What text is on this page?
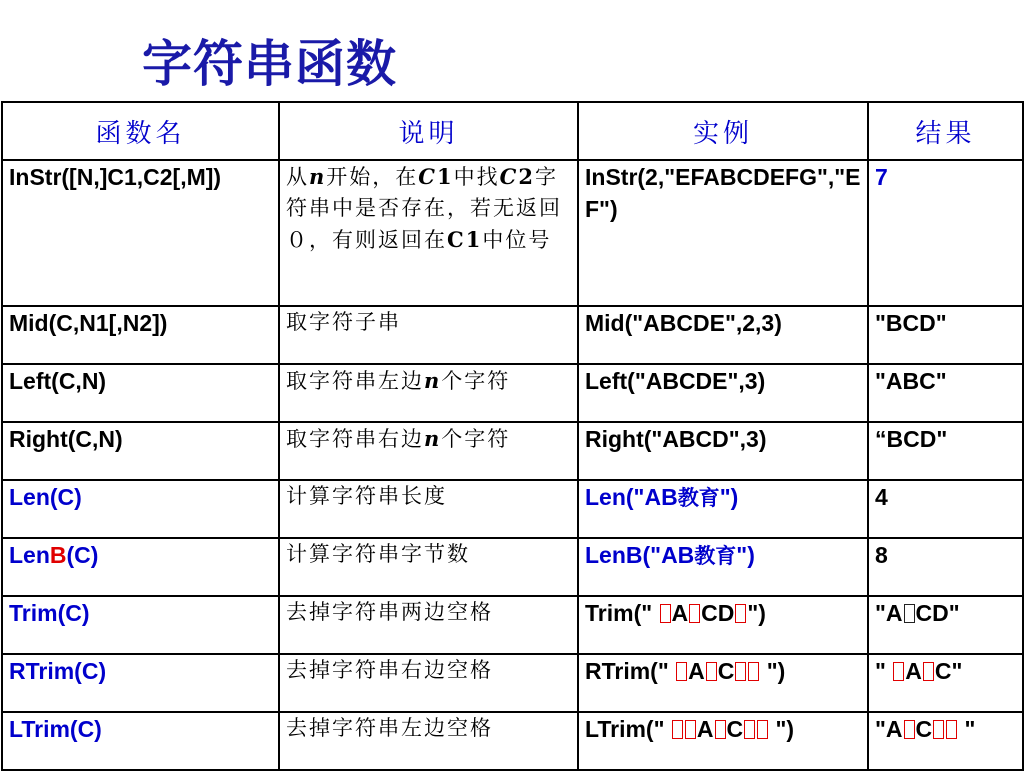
字符串函数
函数名	说明	实例	结果
InStr([N,]C1,C2[,M])	从n开始，在C1中找C2字符串中是否存在，若无返回０，有则返回在C1中位号	InStr(2,"EFABCDEFG","EF")	7
Mid(C,N1[,N2])	取字符子串	Mid("ABCDE",2,3)	"BCD"
Left(C,N)	取字符串左边n个字符	Left("ABCDE",3)	"ABC"
Right(C,N)	取字符串右边n个字符	Right("ABCD",3)	“BCD"
Len(C)	计算字符串长度	Len("AB教育")	4
LenB(C)	计算字符串字节数	LenB("AB教育")	8
Trim(C)	去掉字符串两边空格	Trim(" A CD ")	"A CD"
RTrim(C)	去掉字符串右边空格	RTrim(" A C ")	" A C"
LTrim(C)	去掉字符串左边空格	LTrim(" A C ")	"A C "
